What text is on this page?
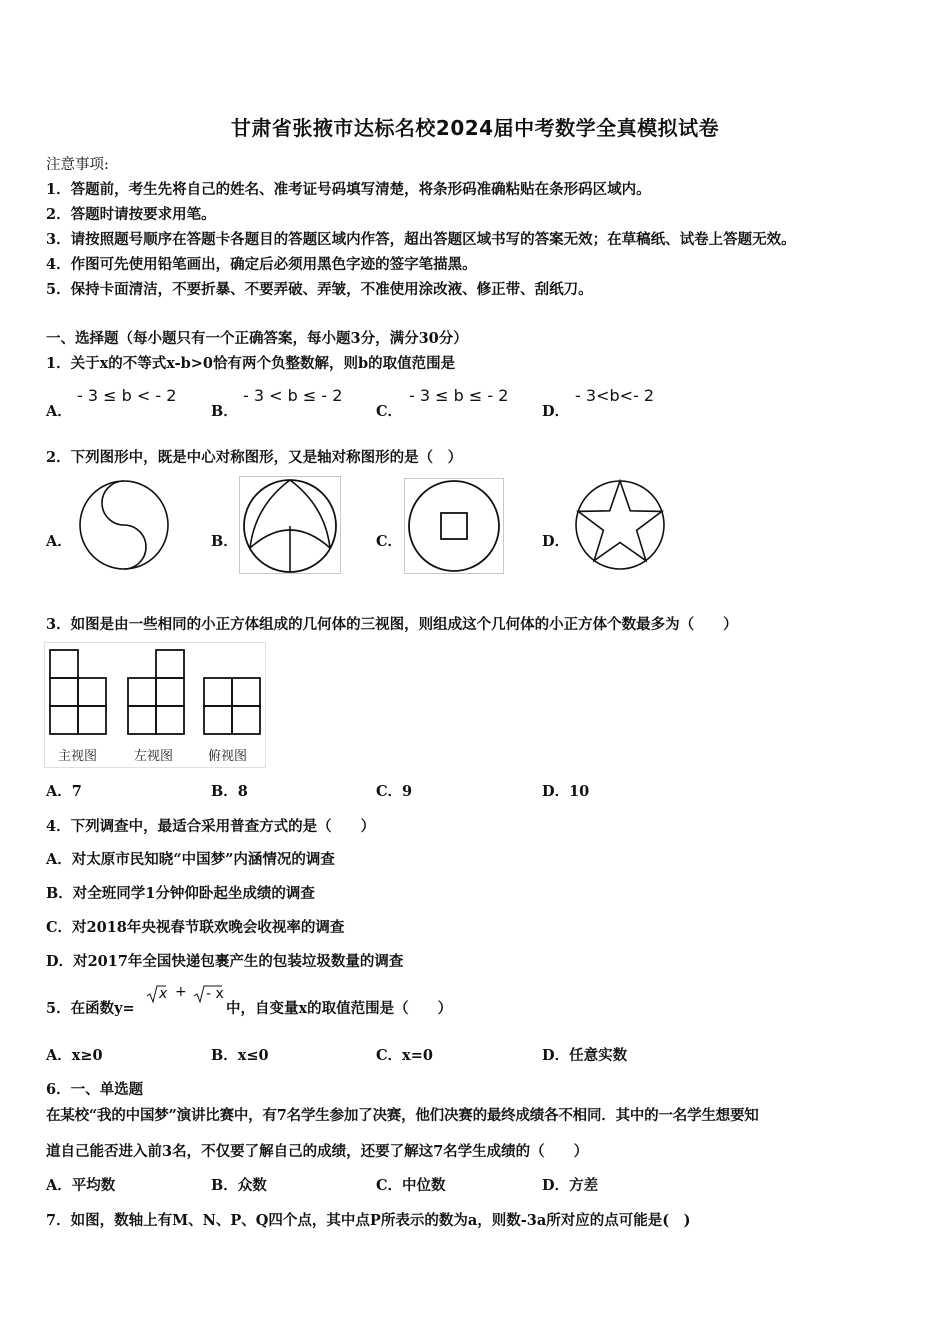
甘肃省张掖市达标名校2024届中考数学全真模拟试卷
注意事项:
1．答题前，考生先将自己的姓名、准考证号码填写清楚，将条形码准确粘贴在条形码区域内。
2．答题时请按要求用笔。
3．请按照题号顺序在答题卡各题目的答题区域内作答，超出答题区域书写的答案无效；在草稿纸、试卷上答题无效。
4．作图可先使用铅笔画出，确定后必须用黑色字迹的签字笔描黑。
5．保持卡面清洁，不要折暴、不要弄破、弄皱，不准使用涂改液、修正带、刮纸刀。
一、选择题（每小题只有一个正确答案，每小题3分，满分30分）
1．关于x的不等式x-b>0恰有两个负整数解，则b的取值范围是
A．
- 3 ≤ b < - 2
B．
- 3 < b ≤ - 2
C．
- 3 ≤ b ≤ - 2
D．
- 3<b<- 2
2．下列图形中，既是中心对称图形，又是轴对称图形的是（　）
A．	B．	C．	D．
3．如图是由一些相同的小正方体组成的几何体的三视图，则组成这个几何体的小正方体个数最多为（　　）
主视图	左视图	俯视图
A．7	B．8	C．9	D．10
4．下列调查中，最适合采用普查方式的是（　　）
A．对太原市民知晓“中国梦”内涵情况的调查
B．对全班同学1分钟仰卧起坐成绩的调查
C．对2018年央视春节联欢晚会收视率的调查
D．对2017年全国快递包裹产生的包装垃圾数量的调查
5．在函数y=
x + - x
中，自变量x的取值范围是（　　）
A．x≥0	B．x≤0	C．x=0	D．任意实数
6．一、单选题
在某校“我的中国梦”演讲比赛中，有7名学生参加了决赛，他们决赛的最终成绩各不相同．其中的一名学生想要知
道自己能否进入前3名，不仅要了解自己的成绩，还要了解这7名学生成绩的（　　）
A．平均数	B．众数	C．中位数	D．方差
7．如图，数轴上有M、N、P、Q四个点，其中点P所表示的数为a，则数-3a所对应的点可能是(　)
